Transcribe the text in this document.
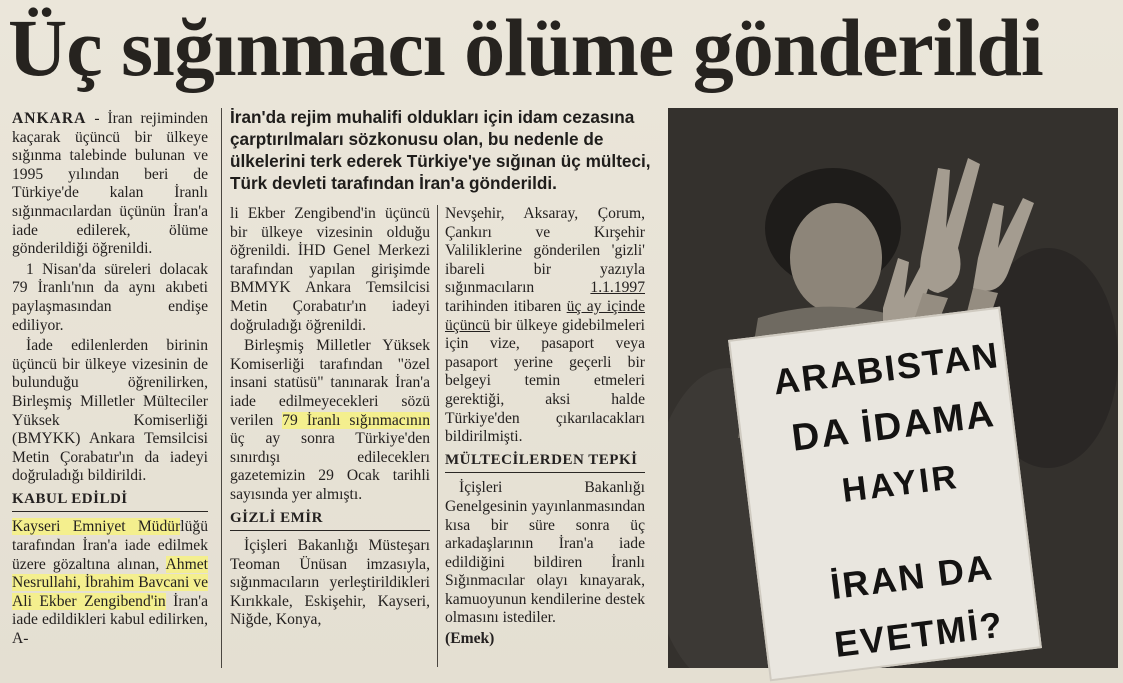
Üç sığınmacı ölüme gönderildi
İran'da rejim muhalifi oldukları için idam cezasına çarptırılmaları sözkonusu olan, bu nedenle de ülkelerini terk ederek Türkiye'ye sığınan üç mülteci, Türk devleti tarafından İran'a gönderildi.

ANKARA - İran rejiminden kaçarak üçüncü bir ülkeye sığınma talebinde bulunan ve 1995 yılından beri de Türkiye'de kalan İranlı sığınmacılardan üçünün İran'a iade edilerek, ölüme gönderildiği öğrenildi.

1 Nisan'da süreleri dolacak 79 İranlı'nın da aynı akıbeti paylaşmasından endişe ediliyor.

İade edilenlerden birinin üçüncü bir ülkeye vizesinin de bulunduğu öğrenilirken, Birleşmiş Milletler Mülteciler Yüksek Komiserliği (BMYKK) Ankara Temsilcisi Metin Çorabatır'ın da iadeyi doğruladığı bildirildi.

KABUL EDİLDİ

Kayseri Emniyet Müdürlüğü tarafından İran'a iade edilmek üzere gözaltına alınan, Ahmet Nesrullahi, İbrahim Bavcani ve Ali Ekber Zengibend'in İran'a iade edildikleri kabul edilirken, A-

li Ekber Zengibend'in üçüncü bir ülkeye vizesinin olduğu öğrenildi. İHD Genel Merkezi tarafından yapılan girişimde BMMYK Ankara Temsilcisi Metin Çorabatır'ın iadeyi doğruladığı öğrenildi.

Birleşmiş Milletler Yüksek Komiserliği tarafından "özel insani statüsü" tanınarak İran'a iade edilmeyecekleri sözü verilen 79 İranlı sığınmacının üç ay sonra Türkiye'den sınırdışı edileceklerı gazetemizin 29 Ocak tarihli sayısında yer almıştı.

GİZLİ EMİR

İçişleri Bakanlığı Müsteşarı Teoman Ünüsan imzasıyla, sığınmacıların yerleştirildikleri Kırıkkale, Eskişehir, Kayseri, Niğde, Konya,

Nevşehir, Aksaray, Çorum, Çankırı ve Kırşehir Valiliklerine gönderilen 'gizli' ibareli bir yazıyla sığınmacıların 1.1.1997 tarihinden itibaren üç ay içinde üçüncü bir ülkeye gidebilmeleri için vize, pasaport veya pasaport yerine geçerli bir belgeyi temin etmeleri gerektiği, aksi halde Türkiye'den çıkarılacakları bildirilmişti.

MÜLTECİLERDEN TEPKİ

İçişleri Bakanlığı Genelgesinin yayınlanmasından kısa bir süre sonra üç arkadaşlarının İran'a iade edildiğini bildiren İranlı Sığınmacılar olayı kınayarak, kamuoyunun kendilerine destek olmasını istediler.

(Emek)

ARABISTAN
DA İDAMA
HAYIR
İRAN DA
EVETMİ?
